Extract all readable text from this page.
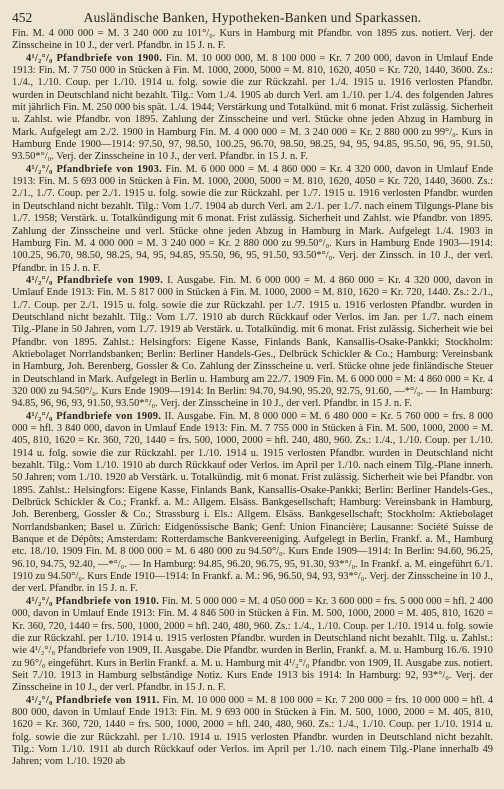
452	Ausländische Banken, Hypotheken-Banken und Sparkassen.

Fin. M. 4 000 000 = M. 3 240 000 zu 101°/₀. Kurs in Hamburg mit Pfandbr. von 1895 zus. notiert. Verj. der Zinsscheine in 10 J., der verl. Pfandbr. in 15 J. n. F.

4¹/₂°/₀ Pfandbriefe von 1900. Fin. M. 10 000 000, M. 8 100 000 = Kr. 7 200 000, davon in Umlauf Ende 1913: Fin. M. 7 750 000 in Stücken à Fin. M. 1000, 2000, 5000 = M. 810, 1620, 4050 = Kr. 720, 1440, 3600. Zs.: 1./4., 1./10. Coup. per 1./10. 1914 u. folg. sowie die zur Rückzahl. per 1./4. 1915 u. 1916 verlosten Pfandbr. wurden in Deutschland nicht bezahlt. Tilg.: Vom 1./4. 1905 ab durch Verl. am 1./10. per 1./4. des folgenden Jahres mit jährlich Fin. M. 250 000 bis spät. 1./4. 1944; Verstärkung und Totalkünd. mit 6 monat. Frist zulässig. Sicherheit u. Zahlst. wie Pfandbr. von 1895. Zahlung der Zinsscheine und verl. Stücke ohne jeden Abzug in Hamburg in Mark. Aufgelegt am 2./2. 1900 in Hamburg Fin. M. 4 000 000 = M. 3 240 000 = Kr. 2 880 000 zu 99°/₀. Kurs in Hamburg Ende 1900—1914: 97.50, 97, 98.50, 100.25, 96.70, 98.50, 98.25, 94, 95, 94.85, 95.50, 96, 95, 91.50, 93.50*°/₀. Verj. der Zinsscheine in 10 J., der verl. Pfandbr. in 15 J. n. F.

4¹/₂°/₀ Pfandbriefe von 1903. Fin. M. 6 000 000 = M. 4 860 000 = Kr. 4 320 000, davon in Umlauf Ende 1913: Fin. M. 5 693 000 in Stücken à Fin. M. 1000, 2000, 5000 = M. 810, 1620, 4050 = Kr. 720, 1440, 3600. Zs.: 2./1., 1./7. Coup. per 2./1. 1915 u. folg. sowie die zur Rückzahl. per 1./7. 1915 u. 1916 verlosten Pfandbr. wurden in Deutschland nicht bezahlt. Tilg.: Vom 1./7. 1904 ab durch Verl. am 2./1. per 1./7. nach einem Tilgungs-Plane bis 1./7. 1958; Verstärk. u. Totalkündigung mit 6 monat. Frist zulässig. Sicherheit und Zahlst. wie Pfandbr. von 1895. Zahlung der Zinsscheine und verl. Stücke ohne jeden Abzug in Hamburg in Mark. Aufgelegt 1./4. 1903 in Hamburg Fin. M. 4 000 000 = M. 3 240 000 = Kr. 2 880 000 zu 99.50°/₀. Kurs in Hamburg Ende 1903—1914: 100.25, 96.70, 98.50, 98.25, 94, 95, 94.85, 95.50, 96, 95, 91.50, 93.50*°/₀. Verj. der Zinssch. in 10 J., der verl. Pfandbr. in 15 J. n. F.

4¹/₂°/₀ Pfandbriefe von 1909. I. Ausgabe. Fin. M. 6 000 000 = M. 4 860 000 = Kr. 4 320 000, davon in Umlauf Ende 1913: Fin. M. 5 817 000 in Stücken à Fin. M. 1000, 2000 = M. 810, 1620 = Kr. 720, 1440. Zs.: 2./1., 1./7. Coup. per 2./1. 1915 u. folg. sowie die zur Rückzahl. per 1./7. 1915 u. 1916 verlosten Pfandbr. wurden in Deutschland nicht bezahlt. Tilg.: Vom 1./7. 1910 ab durch Rückkauf oder Verlos. im Jan. per 1./7. nach einem Tilg.-Plane in 50 Jahren, vom 1./7. 1919 ab Verstärk. u. Totalkündig. mit 6 monat. Frist zulässig. Sicherheit wie bei Pfandbr. von 1895. Zahlst.: Helsingfors: Eigene Kasse, Finlands Bank, Kansallis-Osake-Pankki; Stockholm: Aktiebolaget Norrlandsbanken; Berlin: Berliner Handels-Ges., Delbrück Schickler & Co.; Hamburg: Vereinsbank in Hamburg, Joh. Berenberg, Gossler & Co. Zahlung der Zinsscheine u. verl. Stücke ohne jede finländische Steuer in Deutschland in Mark. Aufgelegt in Berlin u. Hamburg am 22./7. 1909 Fin. M. 6 000 000 = M: 4 860 000 = Kr. 4 320 000 zu 94.50°/₀. Kurs Ende 1909—1914: In Berlin: 94.70, 94.90, 95.20, 92.75, 91.60, —*°/₀. — In Hamburg: 94.85, 96, 96, 93, 91.50, 93.50*°/₀. Verj. der Zinsscheine in 10 J., der verl. Pfandbr. in 15 J. n. F.

4¹/₂°/₀ Pfandbriefe von 1909. II. Ausgabe. Fin. M. 8 000 000 = M. 6 480 000 = Kr. 5 760 000 = frs. 8 000 000 = hfl. 3 840 000, davon in Umlauf Ende 1913: Fin. M. 7 755 000 in Stücken à Fin. M. 500, 1000, 2000 = M. 405, 810, 1620 = Kr. 360, 720, 1440 = frs. 500, 1000, 2000 = hfl. 240, 480, 960. Zs.: 1./4., 1./10. Coup. per 1./10. 1914 u. folg. sowie die zur Rückzahl. per 1./10. 1914 u. 1915 verlosten Pfandbr. wurden in Deutschland nicht bezahlt. Tilg.: Vom 1./10. 1910 ab durch Rückkauf oder Verlos. im April per 1./10. nach einem Tilg.-Plane innerh. 50 Jahren; vom 1./10. 1920 ab Verstärk. u. Totalkündig. mit 6 monat. Frist zulässig. Sicherheit wie bei Pfandbr. von 1895. Zahlst.: Helsingfors: Eigene Kasse, Finlands Bank, Kansallis-Osake-Pankki; Berlin: Berliner Handels-Ges., Delbrück Schickler & Co.; Frankf. a. M.: Allgem. Elsäss. Bankgesellschaft; Hamburg: Vereinsbank in Hamburg, Joh. Berenberg, Gossler & Co.; Strassburg i. Els.: Allgem. Elsäss. Bankgesellschaft; Stockholm: Aktiebolaget Norrlandsbanken; Basel u. Zürich: Eidgenössische Bank; Genf: Union Financière; Lausanne: Société Suisse de Banque et de Dépôts; Amsterdam: Rotterdamsche Bankvereeniging. Aufgelegt in Berlin, Frankf. a. M., Hamburg etc. 18./10. 1909 Fin. M. 8 000 000 = M. 6 480 000 zu 94.50°/₀. Kurs Ende 1909—1914: In Berlin: 94.60, 96.25, 96.10, 94.75, 92.40, —*°/₀. — In Hamburg: 94.85, 96.20, 96.75, 95, 91.30, 93*°/₀. In Frankf. a. M. eingeführt 6./1. 1910 zu 94.50°/₀. Kurs Ende 1910—1914: In Frankf. a. M.: 96, 96.50, 94, 93, 93*°/₀. Verj. der Zinsscheine in 10 J., der verl. Pfandbr. in 15 J. n. F.

4¹/₂°/₀ Pfandbriefe von 1910. Fin. M. 5 000 000 = M. 4 050 000 = Kr. 3 600 000 = frs. 5 000 000 = hfl. 2 400 000, davon in Umlauf Ende 1913: Fin. M. 4 846 500 in Stücken à Fin. M. 500, 1000, 2000 = M. 405, 810, 1620 = Kr. 360, 720, 1440 = frs. 500, 1000, 2000 = hfl. 240, 480, 960. Zs.: 1./4., 1./10. Coup. per 1./10. 1914 u. folg. sowie die zur Rückzahl. per 1./10. 1914 u. 1915 verlosten Pfandbr. wurden in Deutschland nicht bezahlt. Tilg. u. Zahlst.: wie 4¹/₂°/₀ Pfandbriefe von 1909, II. Ausgabe. Die Pfandbr. wurden in Berlin, Frankf. a. M. u. Hamburg 16./6. 1910 zu 96°/₀ eingeführt. Kurs in Berlin Frankf. a. M. u. Hamburg mit 4¹/₂°/₀ Pfandbr. von 1909, II. Ausgabe zus. notiert. Seit 7./10. 1913 in Hamburg selbständige Notiz. Kurs Ende 1913 bis 1914: In Hamburg: 92, 93*°/₀. Verj. der Zinsscheine in 10 J., der verl. Pfandbr. in 15 J. n. F.

4¹/₂°/₀ Pfandbriefe von 1911. Fin. M. 10 000 000 = M. 8 100 000 = Kr. 7 200 000 = frs. 10 000 000 = hfl. 4 800 000, davon in Umlauf Ende 1913: Fin. M. 9 693 000 in Stücken à Fin. M. 500, 1000, 2000 = M. 405, 810, 1620 = Kr. 360, 720, 1440 = frs. 500, 1000, 2000 = hfl. 240, 480, 960. Zs.: 1./4., 1./10. Coup. per 1./10. 1914 u. folg. sowie die zur Rückzahl. per 1./10. 1914 u. 1915 verlosten Pfandbr. wurden in Deutschland nicht bezahlt. Tilg.: Vom 1./10. 1911 ab durch Rückkauf oder Verlos. im April per 1./10. nach einem Tilg.-Plane innerhalb 49 Jahren; vom 1./10. 1920 ab
